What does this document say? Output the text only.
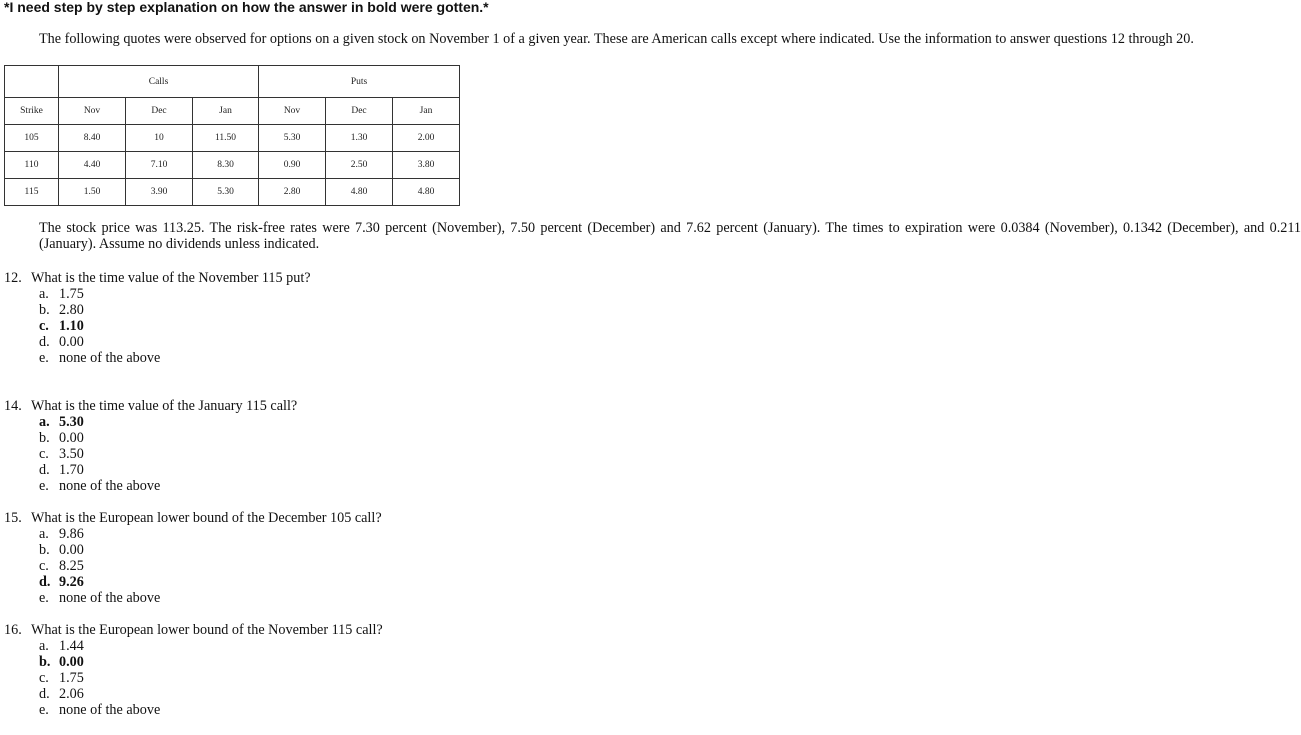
*I need step by step explanation on how the answer in bold were gotten.*
The following quotes were observed for options on a given stock on November 1 of a given year. These are American calls except where indicated. Use the information to answer questions 12 through 20.
	Calls			Puts		
Strike	Nov	Dec	Jan	Nov	Dec	Jan
105	8.40	10	11.50	5.30	1.30	2.00
110	4.40	7.10	8.30	0.90	2.50	3.80
115	1.50	3.90	5.30	2.80	4.80	4.80
The stock price was 113.25. The risk-free rates were 7.30 percent (November), 7.50 percent (December) and 7.62 percent (January). The times to expiration were 0.0384 (November), 0.1342 (December), and 0.211
(January). Assume no dividends unless indicated.
12. What is the time value of the November 115 put?
a. 1.75
b. 2.80
c. 1.10
d. 0.00
e. none of the above
14. What is the time value of the January 115 call?
a. 5.30
b. 0.00
c. 3.50
d. 1.70
e. none of the above
15. What is the European lower bound of the December 105 call?
a. 9.86
b. 0.00
c. 8.25
d. 9.26
e. none of the above
16. What is the European lower bound of the November 115 call?
a. 1.44
b. 0.00
c. 1.75
d. 2.06
e. none of the above
